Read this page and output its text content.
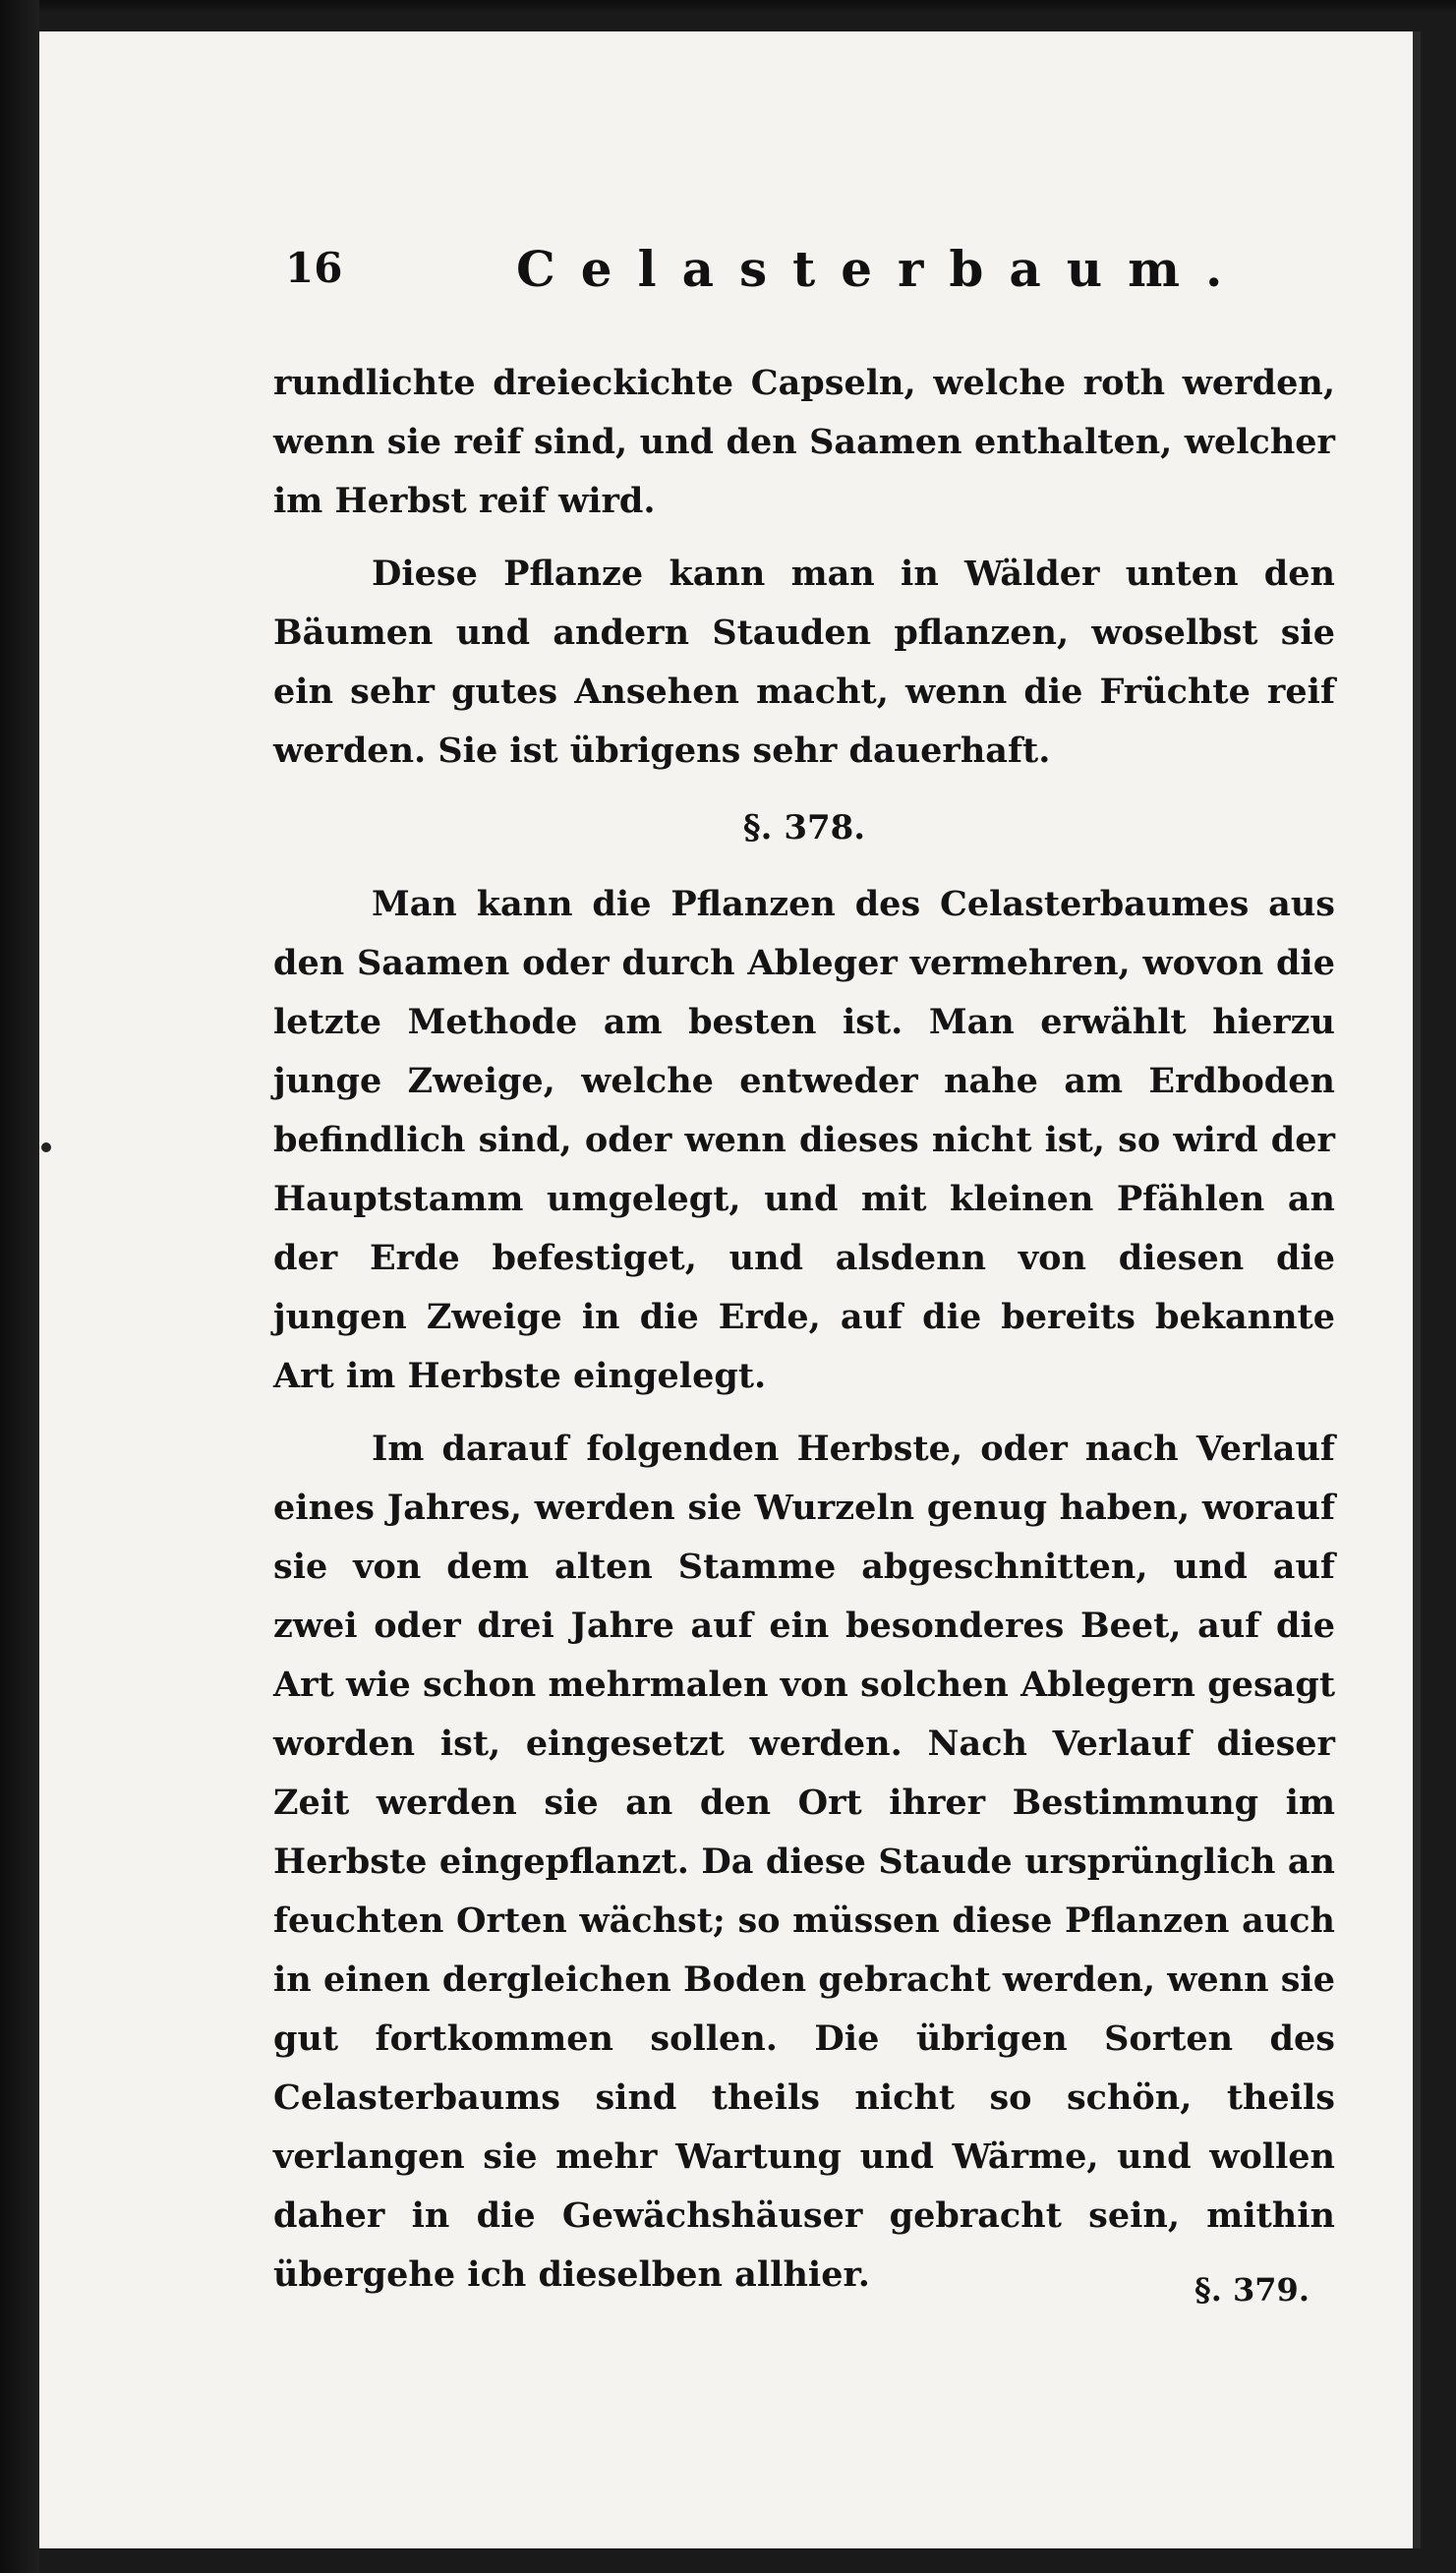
16	Celasterbaum.

rundlichte dreieckichte Capseln, welche roth werden, wenn sie reif sind, und den Saamen enthalten, welcher im Herbst reif wird.

Diese Pflanze kann man in Wälder unten den Bäumen und andern Stauden pflanzen, woselbst sie ein sehr gutes Ansehen macht, wenn die Früchte reif werden. Sie ist übrigens sehr dauerhaft.

§. 378.

Man kann die Pflanzen des Celasterbaumes aus den Saamen oder durch Ableger vermehren, wovon die letzte Methode am besten ist. Man erwählt hierzu junge Zweige, welche entweder nahe am Erdboden befindlich sind, oder wenn dieses nicht ist, so wird der Hauptstamm umgelegt, und mit kleinen Pfählen an der Erde befestiget, und alsdenn von diesen die jungen Zweige in die Erde, auf die bereits bekannte Art im Herbste eingelegt.

Im darauf folgenden Herbste, oder nach Verlauf eines Jahres, werden sie Wurzeln genug haben, worauf sie von dem alten Stamme abgeschnitten, und auf zwei oder drei Jahre auf ein besonderes Beet, auf die Art wie schon mehrmalen von solchen Ablegern gesagt worden ist, eingesetzt werden. Nach Verlauf dieser Zeit werden sie an den Ort ihrer Bestimmung im Herbste eingepflanzt. Da diese Staude ursprünglich an feuchten Orten wächst; so müssen diese Pflanzen auch in einen dergleichen Boden gebracht werden, wenn sie gut fortkommen sollen. Die übrigen Sorten des Celasterbaums sind theils nicht so schön, theils verlangen sie mehr Wartung und Wärme, und wollen daher in die Gewächshäuser gebracht sein, mithin übergehe ich dieselben allhier.	§. 379.
